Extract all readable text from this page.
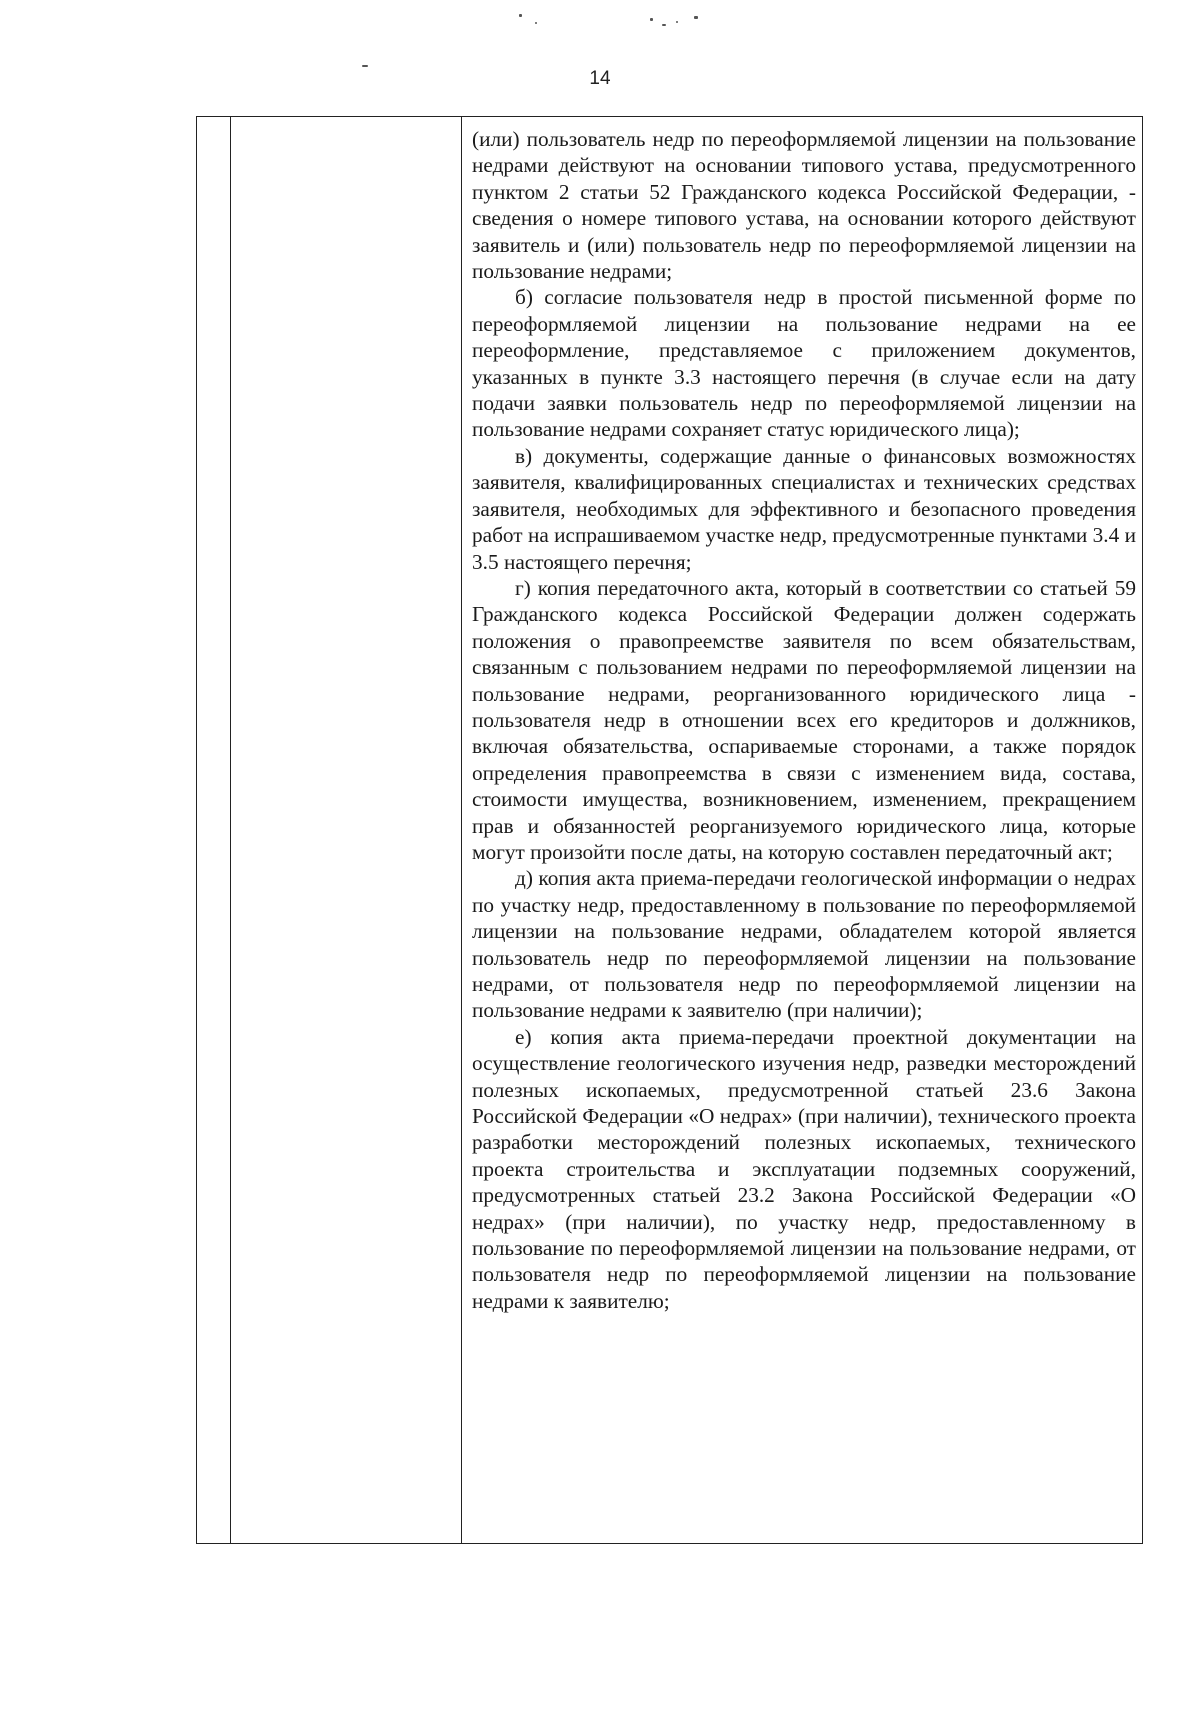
14

(или) пользователь недр по переоформляемой лицензии на пользование недрами действуют на основании типового устава, предусмотренного пунктом 2 статьи 52 Гражданского кодекса Российской Федерации, - сведения о номере типового устава, на основании которого действуют заявитель и (или) пользователь недр по переоформляемой лицензии на пользование недрами;

б) согласие пользователя недр в простой письменной форме по переоформляемой лицензии на пользование недрами на ее переоформление, представляемое с приложением документов, указанных в пункте 3.3 настоящего перечня (в случае если на дату подачи заявки пользователь недр по переоформляемой лицензии на пользование недрами сохраняет статус юридического лица);

в) документы, содержащие данные о финансовых возможностях заявителя, квалифицированных специалистах и технических средствах заявителя, необходимых для эффективного и безопасного проведения работ на испрашиваемом участке недр, предусмотренные пунктами 3.4 и 3.5 настоящего перечня;

г) копия передаточного акта, который в соответствии со статьей 59 Гражданского кодекса Российской Федерации должен содержать положения о правопреемстве заявителя по всем обязательствам, связанным с пользованием недрами по переоформляемой лицензии на пользование недрами, реорганизованного юридического лица - пользователя недр в отношении всех его кредиторов и должников, включая обязательства, оспариваемые сторонами, а также порядок определения правопреемства в связи с изменением вида, состава, стоимости имущества, возникновением, изменением, прекращением прав и обязанностей реорганизуемого юридического лица, которые могут произойти после даты, на которую составлен передаточный акт;

д) копия акта приема-передачи геологической информации о недрах по участку недр, предоставленному в пользование по переоформляемой лицензии на пользование недрами, обладателем которой является пользователь недр по переоформляемой лицензии на пользование недрами, от пользователя недр по переоформляемой лицензии на пользование недрами к заявителю (при наличии);

е) копия акта приема-передачи проектной документации на осуществление геологического изучения недр, разведки месторождений полезных ископаемых, предусмотренной статьей 23.6 Закона Российской Федерации «О недрах» (при наличии), технического проекта разработки месторождений полезных ископаемых, технического проекта строительства и эксплуатации подземных сооружений, предусмотренных статьей 23.2 Закона Российской Федерации «О недрах» (при наличии), по участку недр, предоставленному в пользование по переоформляемой лицензии на пользование недрами, от пользователя недр по переоформляемой лицензии на пользование недрами к заявителю;
